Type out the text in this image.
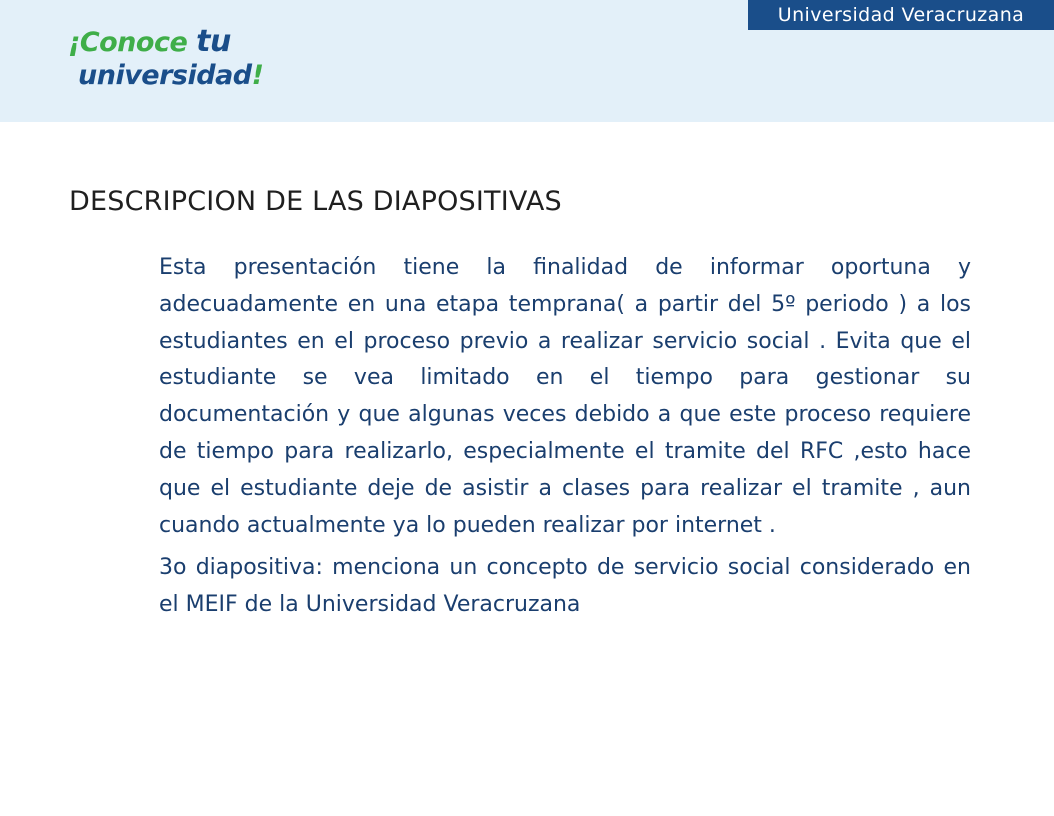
Universidad Veracruzana
¡Conoce tu
universidad!
DESCRIPCION DE LAS DIAPOSITIVAS

Esta presentación tiene la finalidad de informar oportuna y adecuadamente en una etapa temprana( a partir del 5º periodo ) a los estudiantes en el proceso previo a realizar servicio social . Evita que el estudiante se vea limitado en el tiempo para gestionar su documentación y que algunas veces debido a que este proceso requiere de tiempo para realizarlo, especialmente el tramite del RFC ,esto hace que el estudiante deje de asistir a clases para realizar el tramite , aun cuando actualmente ya lo pueden realizar por internet .

3o diapositiva: menciona un concepto de servicio social considerado en el MEIF de la Universidad Veracruzana
